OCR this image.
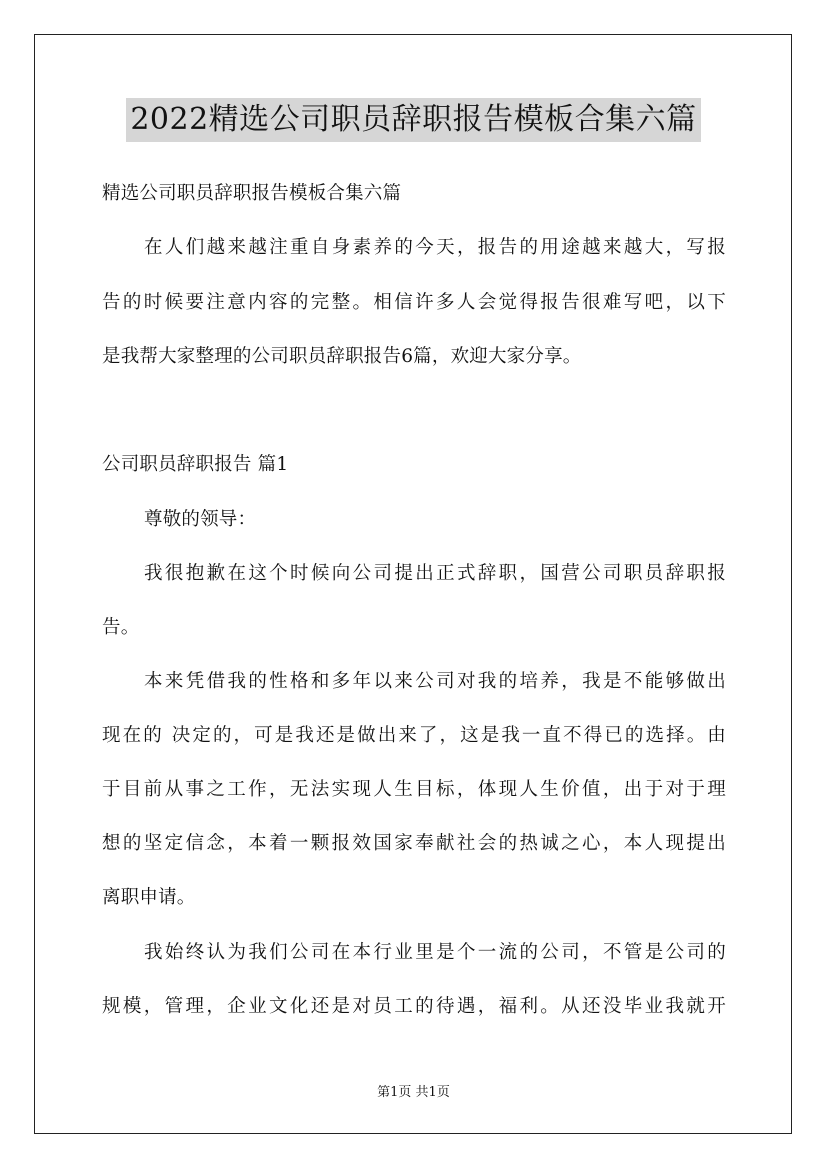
2022精选公司职员辞职报告模板合集六篇
精选公司职员辞职报告模板合集六篇
在人们越来越注重自身素养的今天，报告的用途越来越大，写报
告的时候要注意内容的完整。相信许多人会觉得报告很难写吧，以下
是我帮大家整理的公司职员辞职报告6篇，欢迎大家分享。
公司职员辞职报告 篇1
尊敬的领导：
我很抱歉在这个时候向公司提出正式辞职，国营公司职员辞职报
告。
本来凭借我的性格和多年以来公司对我的培养，我是不能够做出
现在的 决定的，可是我还是做出来了，这是我一直不得已的选择。由
于目前从事之工作，无法实现人生目标，体现人生价值，出于对于理
想的坚定信念，本着一颗报效国家奉献社会的热诚之心，本人现提出
离职申请。
我始终认为我们公司在本行业里是个一流的公司，不管是公司的
规模，管理，企业文化还是对员工的待遇，福利。从还没毕业我就开
第1页 共1页
